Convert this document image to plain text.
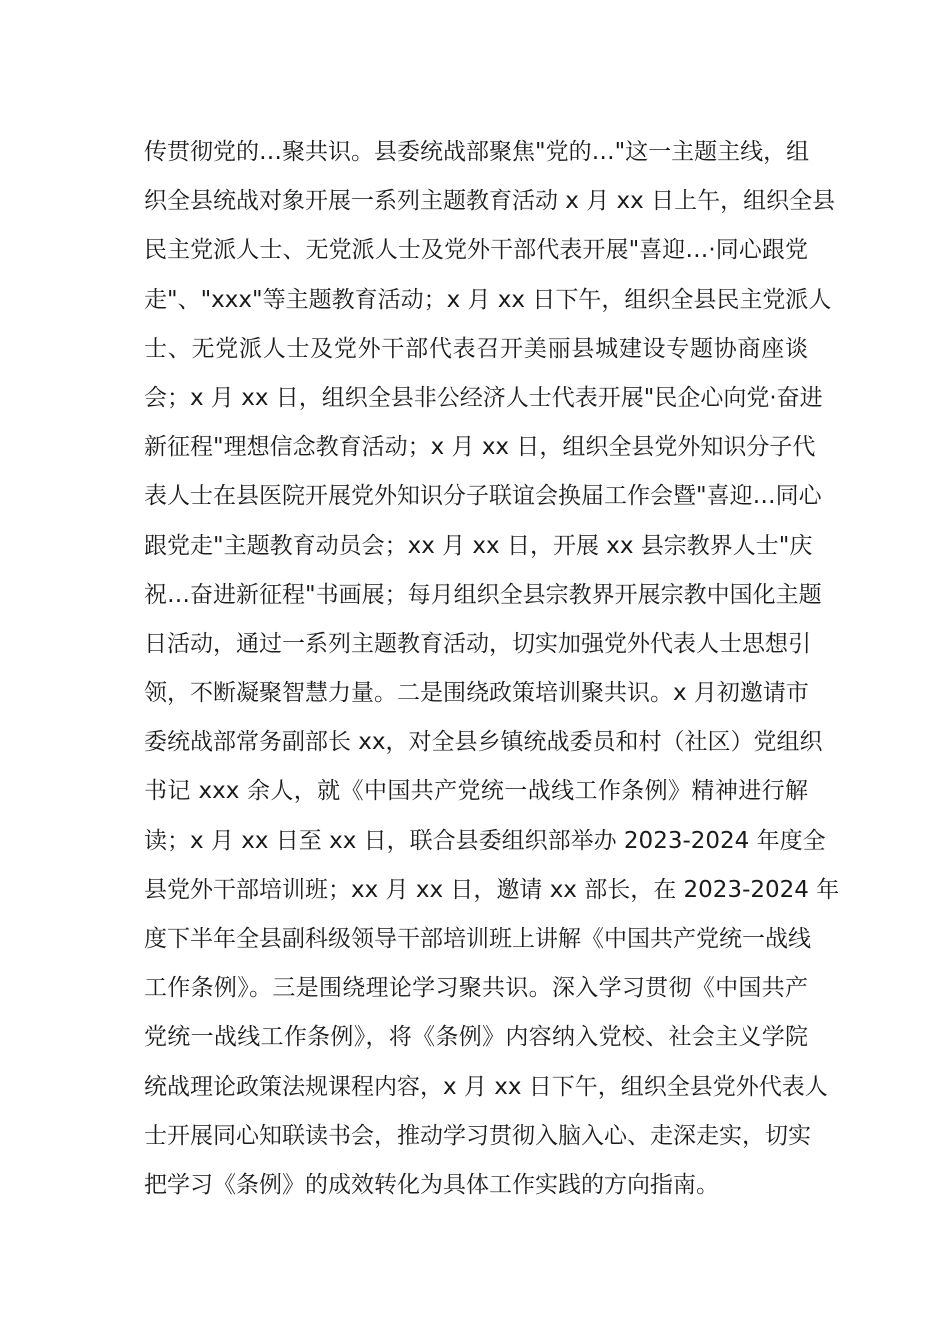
传贯彻党的…聚共识。县委统战部聚焦"党的…"这一主题主线，组
织全县统战对象开展一系列主题教育活动 x 月 xx 日上午，组织全县
民主党派人士、无党派人士及党外干部代表开展"喜迎…·同心跟党
走"、"xxx"等主题教育活动；x 月 xx 日下午，组织全县民主党派人
士、无党派人士及党外干部代表召开美丽县城建设专题协商座谈
会；x 月 xx 日，组织全县非公经济人士代表开展"民企心向党·奋进
新征程"理想信念教育活动；x 月 xx 日，组织全县党外知识分子代
表人士在县医院开展党外知识分子联谊会换届工作会暨"喜迎…同心
跟党走"主题教育动员会；xx 月 xx 日，开展 xx 县宗教界人士"庆
祝…奋进新征程"书画展；每月组织全县宗教界开展宗教中国化主题
日活动，通过一系列主题教育活动，切实加强党外代表人士思想引
领，不断凝聚智慧力量。二是围绕政策培训聚共识。x 月初邀请市
委统战部常务副部长 xx，对全县乡镇统战委员和村（社区）党组织
书记 xxx 余人，就《中国共产党统一战线工作条例》精神进行解
读；x 月 xx 日至 xx 日，联合县委组织部举办 2023-2024 年度全
县党外干部培训班；xx 月 xx 日，邀请 xx 部长，在 2023-2024 年
度下半年全县副科级领导干部培训班上讲解《中国共产党统一战线
工作条例》。三是围绕理论学习聚共识。深入学习贯彻《中国共产
党统一战线工作条例》，将《条例》内容纳入党校、社会主义学院
统战理论政策法规课程内容，x 月 xx 日下午，组织全县党外代表人
士开展同心知联读书会，推动学习贯彻入脑入心、走深走实，切实
把学习《条例》的成效转化为具体工作实践的方向指南。
